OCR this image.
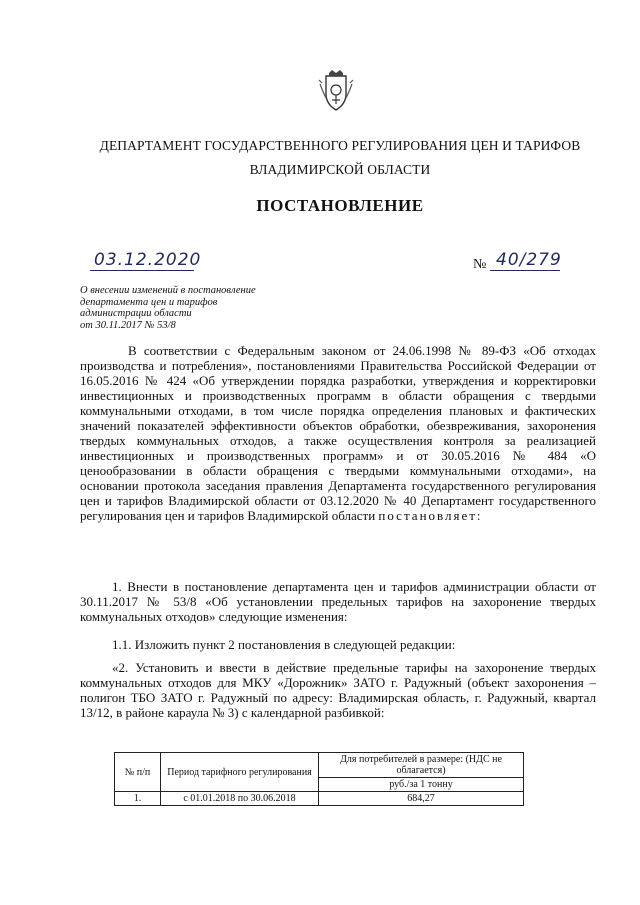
ДЕПАРТАМЕНТ ГОСУДАРСТВЕННОГО РЕГУЛИРОВАНИЯ ЦЕН И ТАРИФОВ
ВЛАДИМИРСКОЙ ОБЛАСТИ
ПОСТАНОВЛЕНИЕ
03.12.2020	№ 40/279
О внесении изменений в постановление
департамента цен и тарифов
администрации области
от 30.11.2017 № 53/8
В соответствии с Федеральным законом от 24.06.1998 № 89-ФЗ «Об отходах производства и потребления», постановлениями Правительства Российской Федерации от 16.05.2016 № 424 «Об утверждении порядка разработки, утверждения и корректировки инвестиционных и производственных программ в области обращения с твердыми коммунальными отходами, в том числе порядка определения плановых и фактических значений показателей эффективности объектов обработки, обезвреживания, захоронения твердых коммунальных отходов, а также осуществления контроля за реализацией инвестиционных и производственных программ» и от 30.05.2016 № 484 «О ценообразовании в области обращения с твердыми коммунальными отходами», на основании протокола заседания правления Департамента государственного регулирования цен и тарифов Владимирской области от 03.12.2020 № 40 Департамент государственного регулирования цен и тарифов Владимирской области постановляет:
1. Внести в постановление департамента цен и тарифов администрации области от 30.11.2017 № 53/8 «Об установлении предельных тарифов на захоронение твердых коммунальных отходов» следующие изменения:
1.1. Изложить пункт 2 постановления в следующей редакции:
«2. Установить и ввести в действие предельные тарифы на захоронение твердых коммунальных отходов для МКУ «Дорожник» ЗАТО г. Радужный (объект захоронения – полигон ТБО ЗАТО г. Радужный по адресу: Владимирская область, г. Радужный, квартал 13/12, в районе караула № 3) с календарной разбивкой:
№ п/п	Период тарифного регулирования	Для потребителей в размере: (НДС не облагается)
		руб./за 1 тонну
1.	с 01.01.2018 по 30.06.2018	684,27
